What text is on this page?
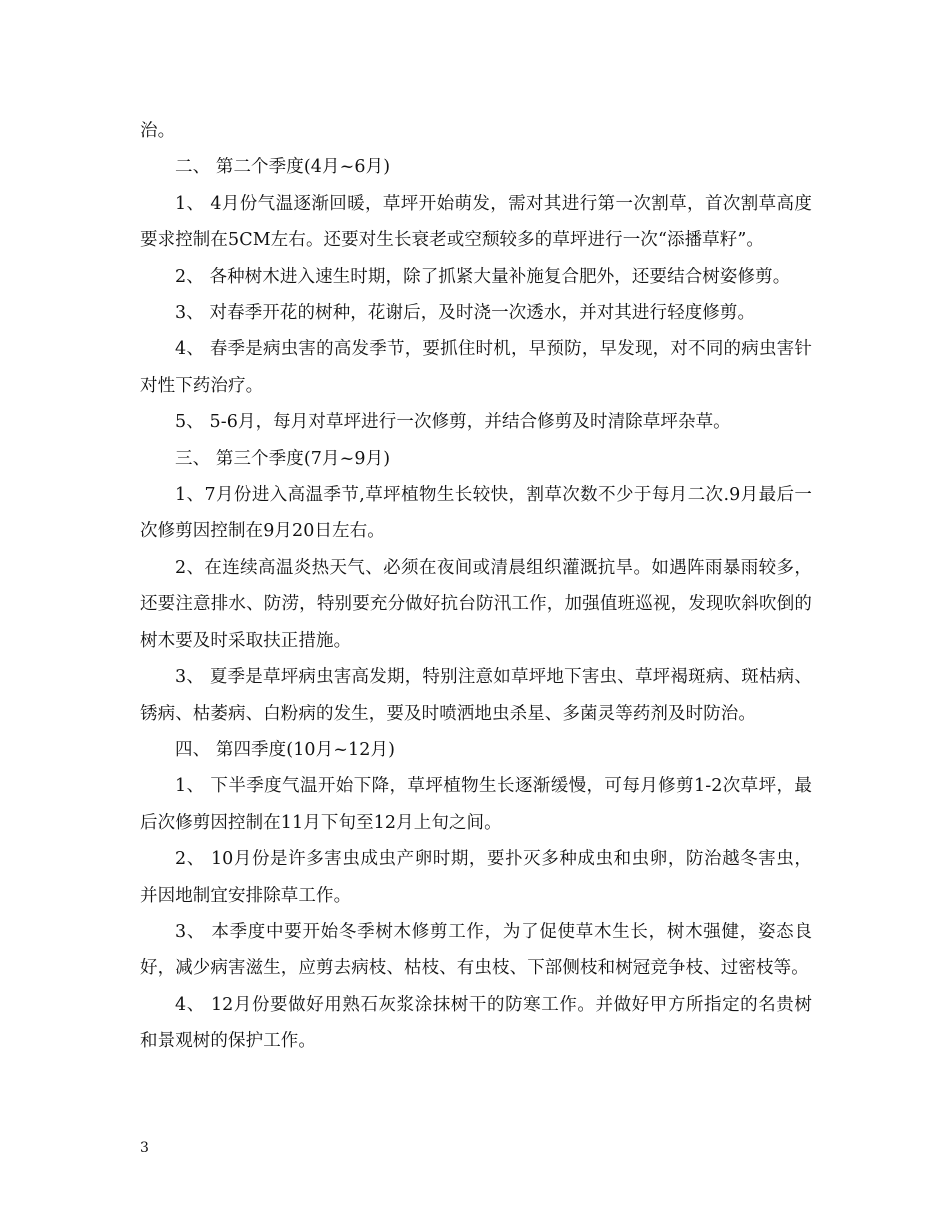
治。

二、 第二个季度(4月~6月)

1、 4月份气温逐渐回暖，草坪开始萌发，需对其进行第一次割草，首次割草高度要求控制在5CM左右。还要对生长衰老或空颓较多的草坪进行一次“添播草籽”。

2、 各种树木进入速生时期，除了抓紧大量补施复合肥外，还要结合树姿修剪。

3、 对春季开花的树种，花谢后，及时浇一次透水，并对其进行轻度修剪。

4、 春季是病虫害的高发季节，要抓住时机，早预防，早发现，对不同的病虫害针对性下药治疗。

5、 5-6月，每月对草坪进行一次修剪，并结合修剪及时清除草坪杂草。

三、 第三个季度(7月~9月)

1、7月份进入高温季节,草坪植物生长较快，割草次数不少于每月二次.9月最后一次修剪因控制在9月20日左右。

2、在连续高温炎热天气、必须在夜间或清晨组织灌溉抗旱。如遇阵雨暴雨较多，还要注意排水、防涝，特别要充分做好抗台防汛工作，加强值班巡视，发现吹斜吹倒的树木要及时采取扶正措施。

3、 夏季是草坪病虫害高发期，特别注意如草坪地下害虫、草坪褐斑病、斑枯病、锈病、枯萎病、白粉病的发生，要及时喷洒地虫杀星、多菌灵等药剂及时防治。

四、 第四季度(10月~12月)

1、 下半季度气温开始下降，草坪植物生长逐渐缓慢，可每月修剪1-2次草坪，最后次修剪因控制在11月下旬至12月上旬之间。

2、 10月份是许多害虫成虫产卵时期，要扑灭多种成虫和虫卵，防治越冬害虫，并因地制宜安排除草工作。

3、 本季度中要开始冬季树木修剪工作，为了促使草木生长，树木强健，姿态良好，减少病害滋生，应剪去病枝、枯枝、有虫枝、下部侧枝和树冠竞争枝、过密枝等。

4、 12月份要做好用熟石灰浆涂抹树干的防寒工作。并做好甲方所指定的名贵树和景观树的保护工作。

3
